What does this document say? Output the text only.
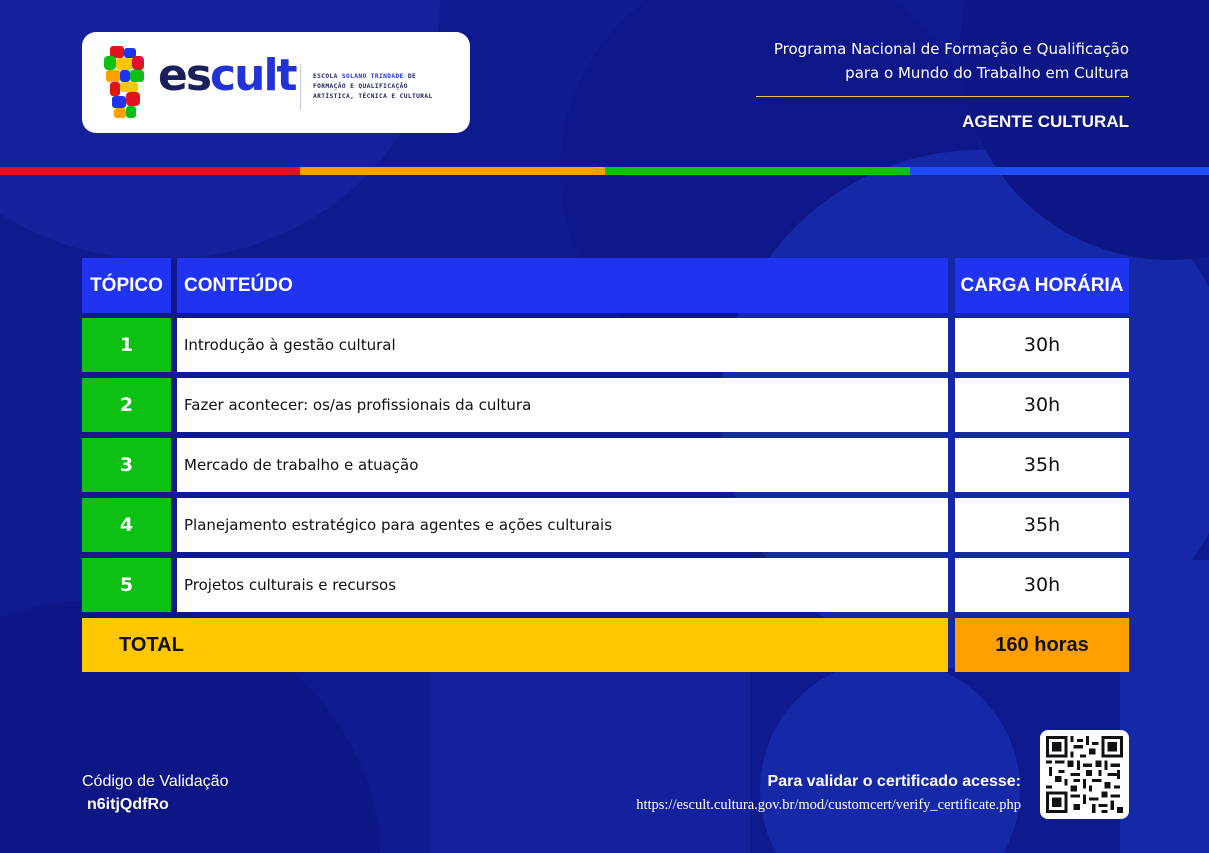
escult	ESCOLA SOLANO TRINDADE DE
FORMAÇÃO E QUALIFICAÇÃO
ARTÍSTICA, TÉCNICA E CULTURAL
Programa Nacional de Formação e Qualificação
para o Mundo do Trabalho em Cultura
AGENTE CULTURAL
TÓPICO	CONTEÚDO	CARGA HORÁRIA
1	Introdução à gestão cultural	30h
2	Fazer acontecer: os/as profissionais da cultura	30h
3	Mercado de trabalho e atuação	35h
4	Planejamento estratégico para agentes e ações culturais	35h
5	Projetos culturais e recursos	30h
TOTAL	160 horas
Código de Validação
n6itjQdfRo
Para validar o certificado acesse:
https://escult.cultura.gov.br/mod/customcert/verify_certificate.php
